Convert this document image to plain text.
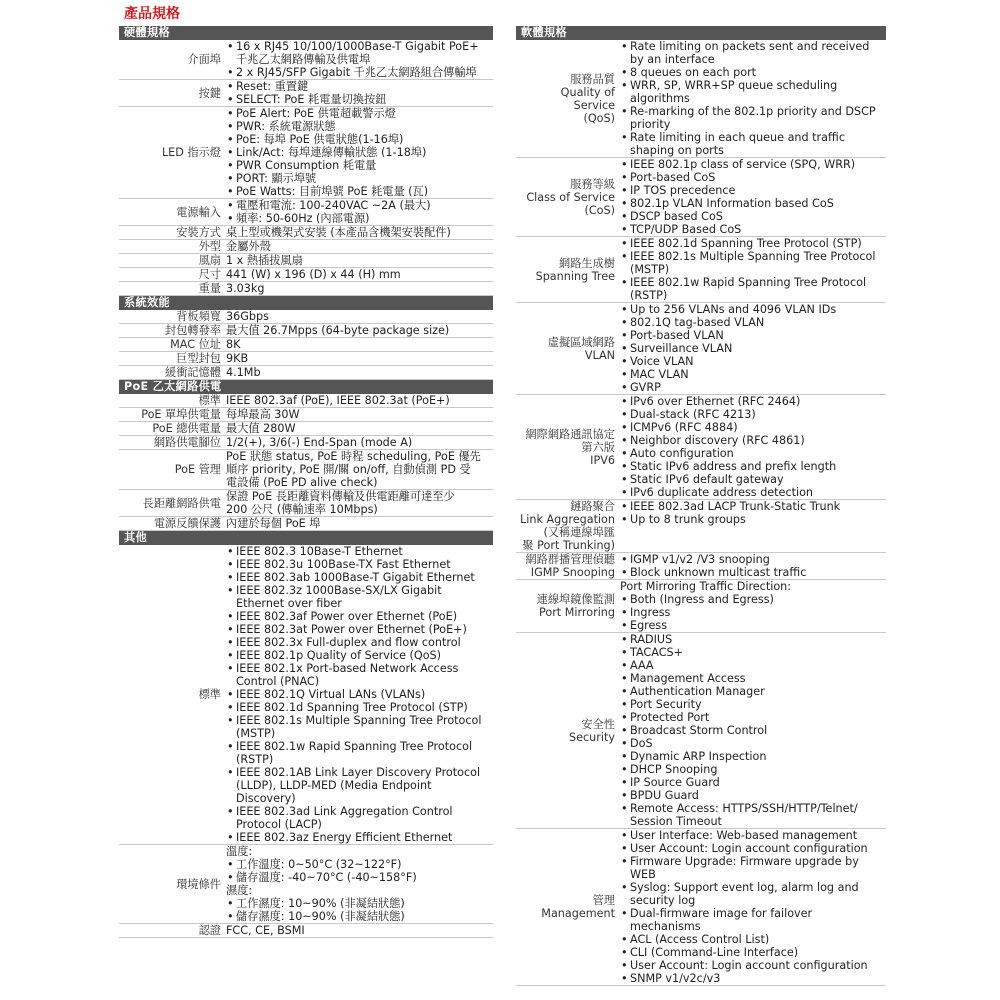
產品規格
硬體規格
介面埠
• 16 x RJ45 10/100/1000Base-T Gigabit PoE+ 千兆乙太網路傳輸及供電埠
• 2 x RJ45/SFP Gigabit 千兆乙太網路組合傳輸埠
按鍵	• Reset: 重置鍵
• SELECT: PoE 耗電量切換按鈕
LED 指示燈
• PoE Alert: PoE 供電超載警示燈
• PWR: 系統電源狀態
• PoE: 每埠 PoE 供電狀態(1-16埠)
• Link/Act: 每埠連線傳輸狀態 (1-18埠)
• PWR Consumption 耗電量
• PORT: 顯示埠號
• PoE Watts: 目前埠號 PoE 耗電量 (瓦)
電源輸入	• 電壓和電流: 100-240VAC ~2A (最大)
• 頻率: 50-60Hz (內部電源)
安裝方式 桌上型或機架式安裝 (本產品含機架安裝配件)
外型 金屬外殼
風扇 1 x 熱插拔風扇
尺寸 441 (W) x 196 (D) x 44 (H) mm
重量 3.03kg
系統效能
背板頻寬 36Gbps
封包轉發率 最大值 26.7Mpps (64-byte package size)
MAC 位址 8K
巨型封包 9KB
緩衝記憶體 4.1Mb
PoE 乙太網路供電
標準 IEEE 802.3af (PoE), IEEE 802.3at (PoE+)
PoE 單埠供電量 每埠最高 30W
PoE 總供電量 最大值 280W
網路供電腳位 1/2(+), 3/6(-) End-Span (mode A)
PoE 管理
PoE 狀態 status, PoE 時程 scheduling, PoE 優先
順序 priority, PoE 開/關 on/off, 自動偵測 PD 受
電設備 (PoE PD alive check)
長距離網路供電 保證 PoE 長距離資料傳輸及供電距離可達至少
200 公尺 (傳輸速率 10Mbps)
電源反饋保護 內建於每個 PoE 埠
其他
標準
• IEEE 802.3 10Base-T Ethernet
• IEEE 802.3u 100Base-TX Fast Ethernet
• IEEE 802.3ab 1000Base-T Gigabit Ethernet
• IEEE 802.3z 1000Base-SX/LX Gigabit Ethernet over fiber
• IEEE 802.3af Power over Ethernet (PoE)
• IEEE 802.3at Power over Ethernet (PoE+)
• IEEE 802.3x Full-duplex and flow control
• IEEE 802.1p Quality of Service (QoS)
• IEEE 802.1x Port-based Network Access Control (PNAC)
• IEEE 802.1Q Virtual LANs (VLANs)
• IEEE 802.1d Spanning Tree Protocol (STP)
• IEEE 802.1s Multiple Spanning Tree Protocol (MSTP)
• IEEE 802.1w Rapid Spanning Tree Protocol (RSTP)
• IEEE 802.1AB Link Layer Discovery Protocol (LLDP), LLDP-MED (Media Endpoint Discovery)
• IEEE 802.3ad Link Aggregation Control Protocol (LACP)
• IEEE 802.3az Energy Efficient Ethernet
環境條件
溫度:
• 工作溫度: 0~50°C (32~122°F)
• 儲存溫度: -40~70°C (-40~158°F)
濕度:
• 工作濕度: 10~90% (非凝結狀態)
• 儲存濕度: 10~90% (非凝結狀態)
認證 FCC, CE, BSMI
軟體規格
服務品質
Quality of Service
(QoS)
• Rate limiting on packets sent and received by an interface
• 8 queues on each port
• WRR, SP, WRR+SP queue scheduling algorithms
• Re-marking of the 802.1p priority and DSCP priority
• Rate limiting in each queue and traffic shaping on ports
服務等級
Class of Service
(CoS)
• IEEE 802.1p class of service (SPQ, WRR)
• Port-based CoS
• IP TOS precedence
• 802.1p VLAN Information based CoS
• DSCP based CoS
• TCP/UDP Based CoS
網路生成樹
Spanning Tree
• IEEE 802.1d Spanning Tree Protocol (STP)
• IEEE 802.1s Multiple Spanning Tree Protocol (MSTP)
• IEEE 802.1w Rapid Spanning Tree Protocol (RSTP)
虛擬區域網路
VLAN
• Up to 256 VLANs and 4096 VLAN IDs
• 802.1Q tag-based VLAN
• Port-based VLAN
• Surveillance VLAN
• Voice VLAN
• MAC VLAN
• GVRP
網際網路通訊協定
第六版
IPV6
• IPv6 over Ethernet (RFC 2464)
• Dual-stack (RFC 4213)
• ICMPv6 (RFC 4884)
• Neighbor discovery (RFC 4861)
• Auto configuration
• Static IPv6 address and prefix length
• Static IPv6 default gateway
• IPv6 duplicate address detection
鏈路聚合
Link Aggregation
(又稱連線埠匯
聚 Port Trunking)
• IEEE 802.3ad LACP Trunk-Static Trunk
• Up to 8 trunk groups
網路群播管理偵聽
IGMP Snooping
• IGMP v1/v2 /V3 snooping
• Block unknown multicast traffic
連線埠鏡像監測
Port Mirroring
Port Mirroring Traffic Direction:
• Both (Ingress and Egress)
• Ingress
• Egress
安全性
Security
• RADIUS
• TACACS+
• AAA
• Management Access
• Authentication Manager
• Port Security
• Protected Port
• Broadcast Storm Control
• DoS
• Dynamic ARP Inspection
• DHCP Snooping
• IP Source Guard
• BPDU Guard
• Remote Access: HTTPS/SSH/HTTP/Telnet/ Session Timeout
管理
Management
• User Interface: Web-based management
• User Account: Login account configuration
• Firmware Upgrade: Firmware upgrade by WEB
• Syslog: Support event log, alarm log and security log
• Dual-firmware image for failover mechanisms
• ACL (Access Control List)
• CLI (Command-Line Interface)
• User Account: Login account configuration
• SNMP v1/v2c/v3
